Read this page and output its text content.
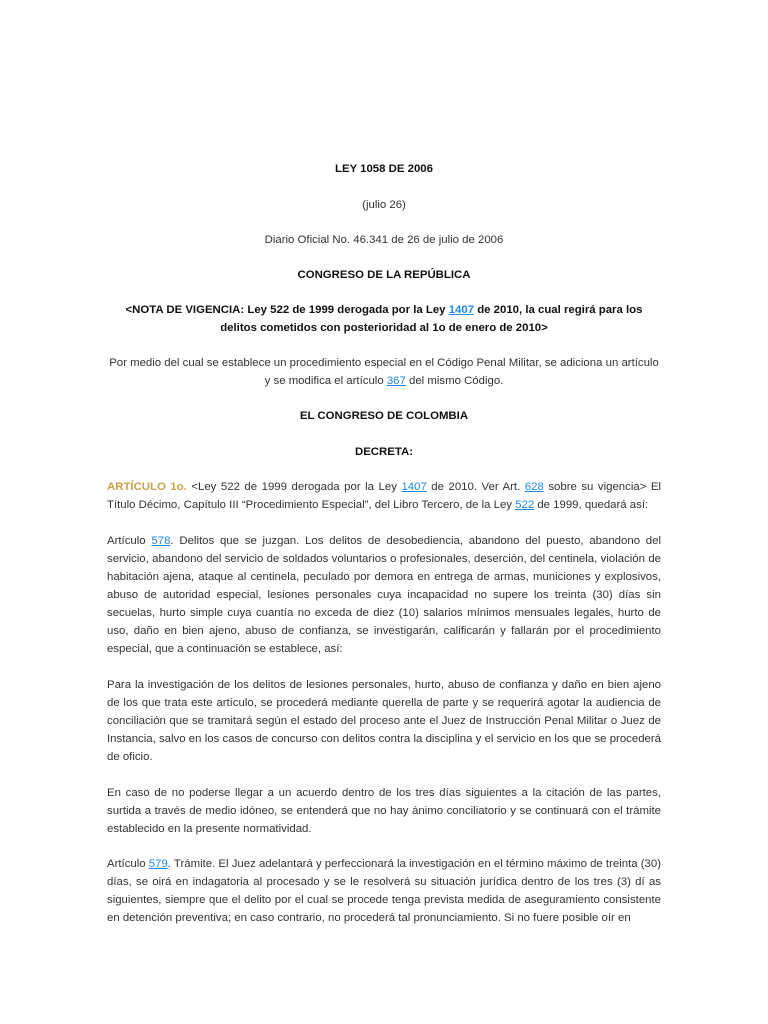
LEY 1058 DE 2006

(julio 26)

Diario Oficial No. 46.341 de 26 de julio de 2006

CONGRESO DE LA REPÚBLICA

<NOTA DE VIGENCIA: Ley 522 de 1999 derogada por la Ley 1407 de 2010, la cual regirá para los delitos cometidos con posterioridad al 1o de enero de 2010>

Por medio del cual se establece un procedimiento especial en el Código Penal Militar, se adiciona un artículo y se modifica el artículo 367 del mismo Código.

EL CONGRESO DE COLOMBIA

DECRETA:

ARTÍCULO 1o. <Ley 522 de 1999 derogada por la Ley 1407 de 2010. Ver Art. 628 sobre su vigencia> El Título Décimo, Capítulo III “Procedimiento Especial”, del Libro Tercero, de la Ley 522 de 1999, quedará así:

Artículo 578. Delitos que se juzgan. Los delitos de desobediencia, abandono del puesto, abandono del servicio, abandono del servicio de soldados voluntarios o profesionales, deserción, del centinela, violación de habitación ajena, ataque al centinela, peculado por demora en entrega de armas, municiones y explosivos, abuso de autoridad especial, lesiones personales cuya incapacidad no supere los treinta (30) días sin secuelas, hurto simple cuya cuantía no exceda de diez (10) salarios mínimos mensuales legales, hurto de uso, daño en bien ajeno, abuso de confianza, se investigarán, calificarán y fallarán por el procedimiento especial, que a continuación se establece, así:

Para la investigación de los delitos de lesiones personales, hurto, abuso de confianza y daño en bien ajeno de los que trata este artículo, se procederá mediante querella de parte y se requerirá agotar la audiencia de conciliación que se tramitará según el estado del proceso ante el Juez de Instrucción Penal Militar o Juez de Instancia, salvo en los casos de concurso con delitos contra la disciplina y el servicio en los que se procederá de oficio.

En caso de no poderse llegar a un acuerdo dentro de los tres días siguientes a la citación de las partes, surtida a través de medio idóneo, se entenderá que no hay ánimo conciliatorio y se continuará con el trámite establecido en la presente normatividad.

Artículo 579. Trámite. El Juez adelantará y perfeccionará la investigación en el término máximo de treinta (30) días, se oirá en indagatoria al procesado y se le resolverá su situación jurídica dentro de los tres (3) dí as siguientes, siempre que el delito por el cual se procede tenga prevista medida de aseguramiento consistente en detención preventiva; en caso contrario, no procederá tal pronunciamiento. Si no fuere posible oír en
